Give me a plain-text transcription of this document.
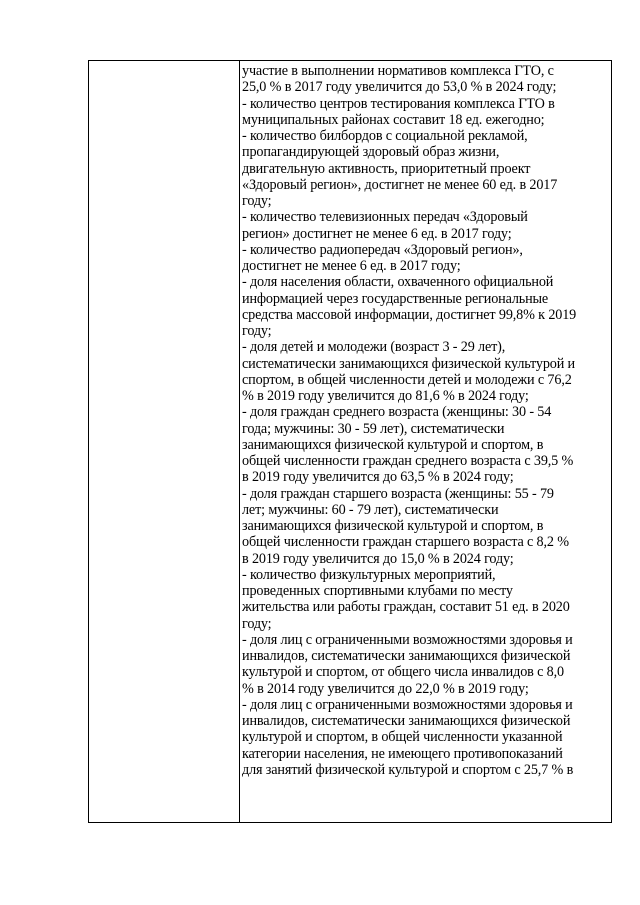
участие в выполнении нормативов комплекса ГТО, с
25,0 % в 2017 году увеличится до 53,0 % в 2024 году;
- количество центров тестирования комплекса ГТО в
муниципальных районах составит 18 ед. ежегодно;
- количество билбордов с социальной рекламой,
пропагандирующей здоровый образ жизни,
двигательную активность, приоритетный проект
«Здоровый регион», достигнет не менее 60 ед. в 2017
году;
- количество телевизионных передач «Здоровый
регион» достигнет не менее 6 ед. в 2017 году;
- количество радиопередач «Здоровый регион»,
достигнет не менее 6 ед. в 2017 году;
- доля населения области, охваченного официальной
информацией через государственные региональные
средства массовой информации, достигнет 99,8% к 2019
году;
- доля детей и молодежи (возраст 3 - 29 лет),
систематически занимающихся физической культурой и
спортом, в общей численности детей и молодежи с 76,2
% в 2019 году увеличится до 81,6 % в 2024 году;
- доля граждан среднего возраста (женщины: 30 - 54
года; мужчины: 30 - 59 лет), систематически
занимающихся физической культурой и спортом, в
общей численности граждан среднего возраста с 39,5 %
в 2019 году увеличится до 63,5 % в 2024 году;
- доля граждан старшего возраста (женщины: 55 - 79
лет; мужчины: 60 - 79 лет), систематически
занимающихся физической культурой и спортом, в
общей численности граждан старшего возраста с 8,2 %
в 2019 году увеличится до 15,0 % в 2024 году;
- количество физкультурных мероприятий,
проведенных спортивными клубами по месту
жительства или работы граждан, составит 51 ед. в 2020
году;
- доля лиц с ограниченными возможностями здоровья и
инвалидов, систематически занимающихся физической
культурой и спортом, от общего числа инвалидов с 8,0
% в 2014 году увеличится до 22,0 % в 2019 году;
- доля лиц с ограниченными возможностями здоровья и
инвалидов, систематически занимающихся физической
культурой и спортом, в общей численности указанной
категории населения, не имеющего противопоказаний
для занятий физической культурой и спортом с 25,7 % в
